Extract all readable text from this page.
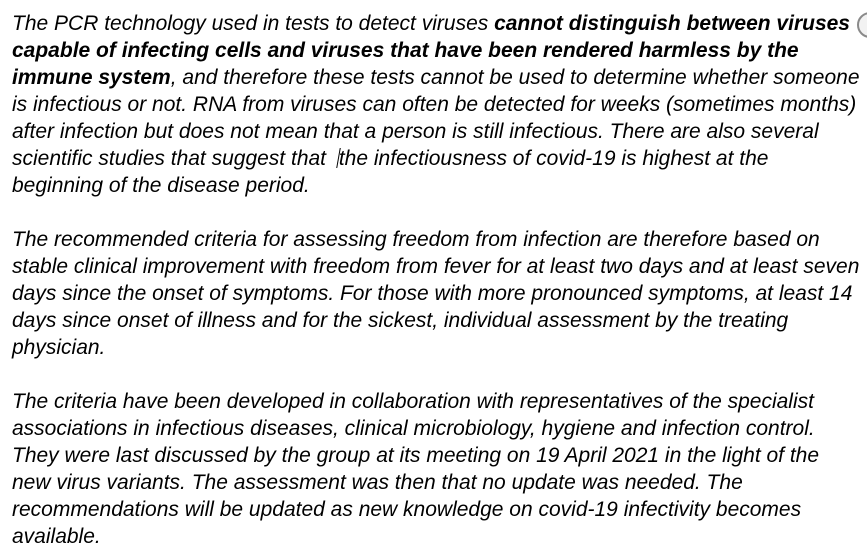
The PCR technology used in tests to detect viruses cannot distinguish between viruses capable of infecting cells and viruses that have been rendered harmless by the immune system, and therefore these tests cannot be used to determine whether someone is infectious or not. RNA from viruses can often be detected for weeks (sometimes months) after infection but does not mean that a person is still infectious. There are also several scientific studies that suggest that the infectiousness of covid-19 is highest at the beginning of the disease period.

The recommended criteria for assessing freedom from infection are therefore based on stable clinical improvement with freedom from fever for at least two days and at least seven days since the onset of symptoms. For those with more pronounced symptoms, at least 14 days since onset of illness and for the sickest, individual assessment by the treating physician.

The criteria have been developed in collaboration with representatives of the specialist associations in infectious diseases, clinical microbiology, hygiene and infection control. They were last discussed by the group at its meeting on 19 April 2021 in the light of the new virus variants. The assessment was then that no update was needed. The recommendations will be updated as new knowledge on covid-19 infectivity becomes available.
